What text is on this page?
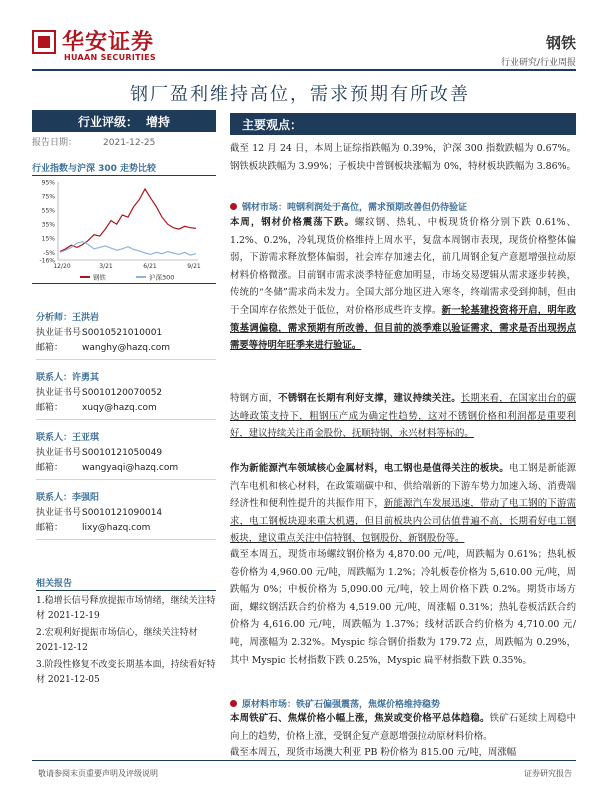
华安证券
HUAAN SECURITIES
钢铁
行业研究/行业周报
钢厂盈利维持高位，需求预期有所改善
行业评级： 增持
报告日期：	2021-12-25
行业指数与沪深 300 走势比较
95%
75%
55%
35%
15%
-5%
-16%
12/20	3/21	6/21	9/21
钢铁	沪深300
分析师：王洪岩
执业证书号：S0010521010001
邮箱： wanghy@hazq.com
联系人：许勇其
执业证书号：S0010120070052
邮箱： xuqy@hazq.com
联系人：王亚琪
执业证书号：S0010121050049
邮箱： wangyaqi@hazq.com
联系人：李强阳
执业证书号：S0010121090014
邮箱： lixy@hazq.com
相关报告
1.稳增长信号释放提振市场情绪，继续关注特材 2021-12-19
2.宏观利好提振市场信心，继续关注特材 2021-12-12
3.阶段性修复不改变长期基本面，持续看好特材 2021-12-05
主要观点：
截至 12 月 24 日，本周上证综指跌幅为 0.39%，沪深 300 指数跌幅为 0.67%。钢铁板块跌幅为 3.99%；子板块中普钢板块涨幅为 0%，特材板块跌幅为 3.86%。
钢材市场：吨钢利润处于高位，需求预期改善但仍待验证
本周，钢材价格震荡下跌。螺纹钢、热轧、中板现货价格分别下跌 0.61%、1.2%、0.2%，冷轧现货价格维持上周水平，复盘本周钢市表现，现货价格整体偏弱，下游需求释放整体偏弱，社会库存加速去化，前几周钢企复产意愿增强拉动原材料价格微涨。目前钢市需求淡季特征愈加明显，市场交易逻辑从需求逐步转换，传统的“冬储”需求尚未发力。全国大部分地区进入寒冬，终端需求受到抑制，但由于全国库存依然处于低位，对价格形成些许支撑。新一轮基建投资将开启，明年政策基调偏稳，需求预期有所改善，但目前的淡季难以验证需求，需求是否出现拐点需要等待明年旺季来进行验证。
特钢方面，不锈钢在长期有利好支撑，建议持续关注。长期来看，在国家出台的碳达峰政策支持下，粗钢压产成为确定性趋势，这对不锈钢价格和利润都是重要利好，建议持续关注甬金股份、抚顺特钢、永兴材料等标的。
作为新能源汽车领域核心金属材料，电工钢也是值得关注的板块。电工钢是新能源汽车电机和核心材料，在政策端碳中和、供给端新的下游车势力加速入场、消费端经济性和便利性提升的共振作用下，新能源汽车发展迅速，带动了电工钢的下游需求，电工钢板块迎来重大机遇，但目前板块内公司估值普遍不高，长期看好电工钢板块，建议重点关注中信特钢、包钢股份、新钢股份等。
截至本周五，现货市场螺纹钢价格为 4,870.00 元/吨，周跌幅为 0.61%；热轧板卷价格为 4,960.00 元/吨，周跌幅为 1.2%；冷轧板卷价格为 5,610.00 元/吨，周跌幅为 0%；中板价格为 5,090.00 元/吨，较上周价格下跌 0.2%。期货市场方面，螺纹钢活跃合约价格为 4,519.00 元/吨，周涨幅 0.31%；热轧卷板活跃合约价格为 4,616.00 元/吨，周跌幅为 1.37%；线材活跃合约价格为 4,710.00 元/吨，周涨幅为 2.32%。Myspic 综合钢价指数为 179.72 点，周跌幅为 0.29%，其中 Myspic 长材指数下跌 0.25%，Myspic 扁平材指数下跌 0.35%。
原材料市场：铁矿石偏强震荡，焦煤价格维持稳势
本周铁矿石、焦煤价格小幅上涨，焦炭或变价格平总体趋稳。铁矿石延续上周稳中向上的趋势，价格上涨，受钢企复产意愿增强拉动原材料价格。
截至本周五，现货市场澳大利亚 PB 粉价格为 815.00 元/吨，周涨幅
敬请参阅末页重要声明及评级说明	证券研究报告
